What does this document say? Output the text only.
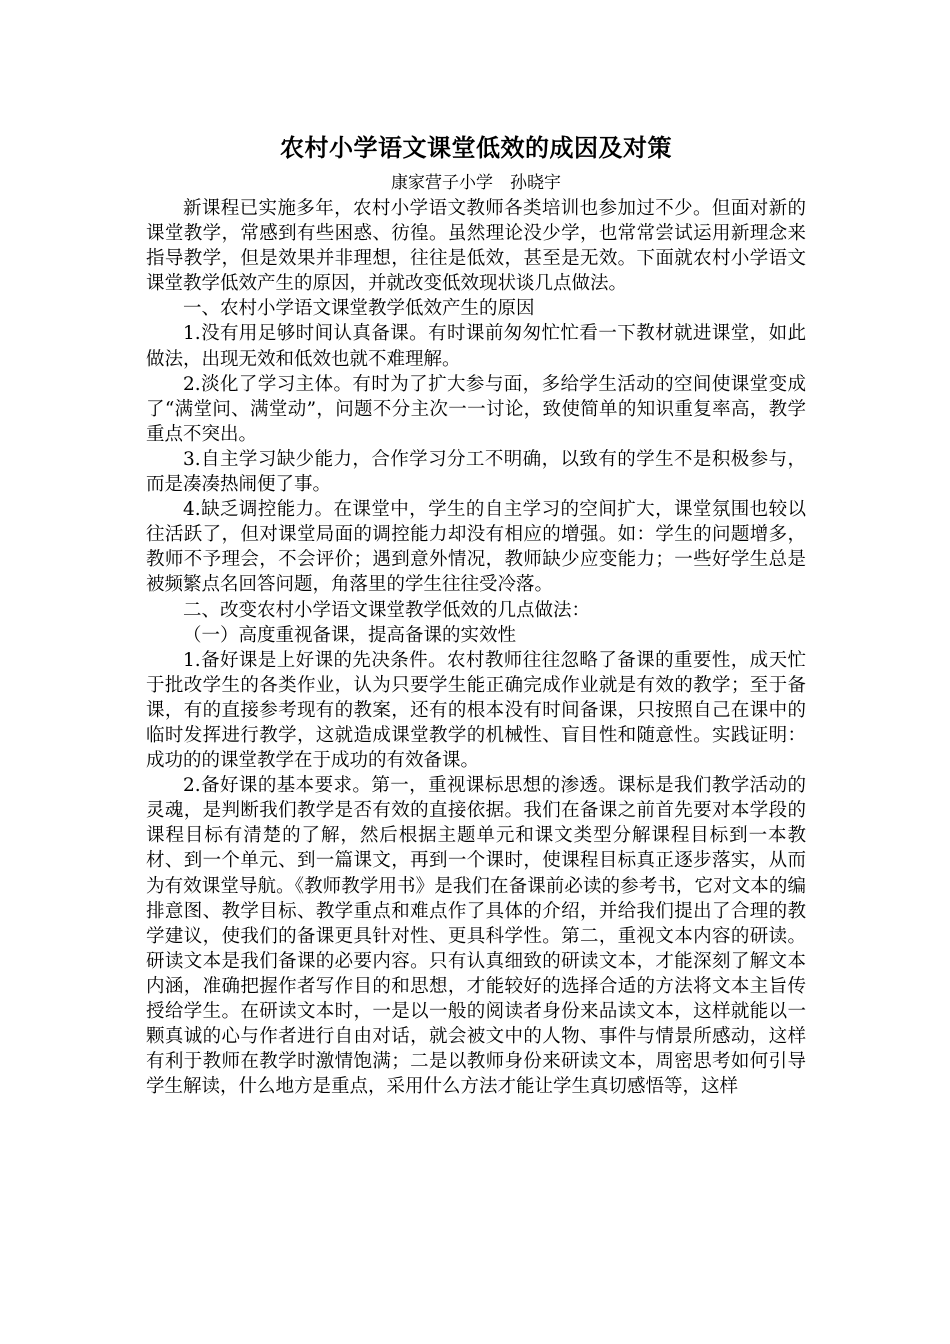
农村小学语文课堂低效的成因及对策

康家营子小学　孙晓宇

新课程已实施多年，农村小学语文教师各类培训也参加过不少。但面对新的课堂教学，常感到有些困惑、彷徨。虽然理论没少学，也常常尝试运用新理念来指导教学，但是效果并非理想，往往是低效，甚至是无效。下面就农村小学语文课堂教学低效产生的原因，并就改变低效现状谈几点做法。

一、农村小学语文课堂教学低效产生的原因

1.没有用足够时间认真备课。有时课前匆匆忙忙看一下教材就进课堂，如此做法，出现无效和低效也就不难理解。

2.淡化了学习主体。有时为了扩大参与面，多给学生活动的空间使课堂变成了“满堂问、满堂动”，问题不分主次一一讨论，致使简单的知识重复率高，教学重点不突出。

3.自主学习缺少能力，合作学习分工不明确，以致有的学生不是积极参与，而是凑凑热闹便了事。

4.缺乏调控能力。在课堂中，学生的自主学习的空间扩大，课堂氛围也较以往活跃了，但对课堂局面的调控能力却没有相应的增强。如：学生的问题增多，教师不予理会，不会评价；遇到意外情况，教师缺少应变能力；一些好学生总是被频繁点名回答问题，角落里的学生往往受冷落。

二、改变农村小学语文课堂教学低效的几点做法：

（一）高度重视备课，提高备课的实效性

1.备好课是上好课的先决条件。农村教师往往忽略了备课的重要性，成天忙于批改学生的各类作业，认为只要学生能正确完成作业就是有效的教学；至于备课，有的直接参考现有的教案，还有的根本没有时间备课，只按照自己在课中的临时发挥进行教学，这就造成课堂教学的机械性、盲目性和随意性。实践证明：成功的的课堂教学在于成功的有效备课。

2.备好课的基本要求。第一，重视课标思想的渗透。课标是我们教学活动的灵魂，是判断我们教学是否有效的直接依据。我们在备课之前首先要对本学段的课程目标有清楚的了解，然后根据主题单元和课文类型分解课程目标到一本教材、到一个单元、到一篇课文，再到一个课时，使课程目标真正逐步落实，从而为有效课堂导航。《教师教学用书》是我们在备课前必读的参考书，它对文本的编排意图、教学目标、教学重点和难点作了具体的介绍，并给我们提出了合理的教学建议，使我们的备课更具针对性、更具科学性。第二，重视文本内容的研读。研读文本是我们备课的必要内容。只有认真细致的研读文本，才能深刻了解文本内涵，准确把握作者写作目的和思想，才能较好的选择合适的方法将文本主旨传授给学生。在研读文本时，一是以一般的阅读者身份来品读文本，这样就能以一颗真诚的心与作者进行自由对话，就会被文中的人物、事件与情景所感动，这样有利于教师在教学时激情饱满；二是以教师身份来研读文本，周密思考如何引导学生解读，什么地方是重点，采用什么方法才能让学生真切感悟等，这样
